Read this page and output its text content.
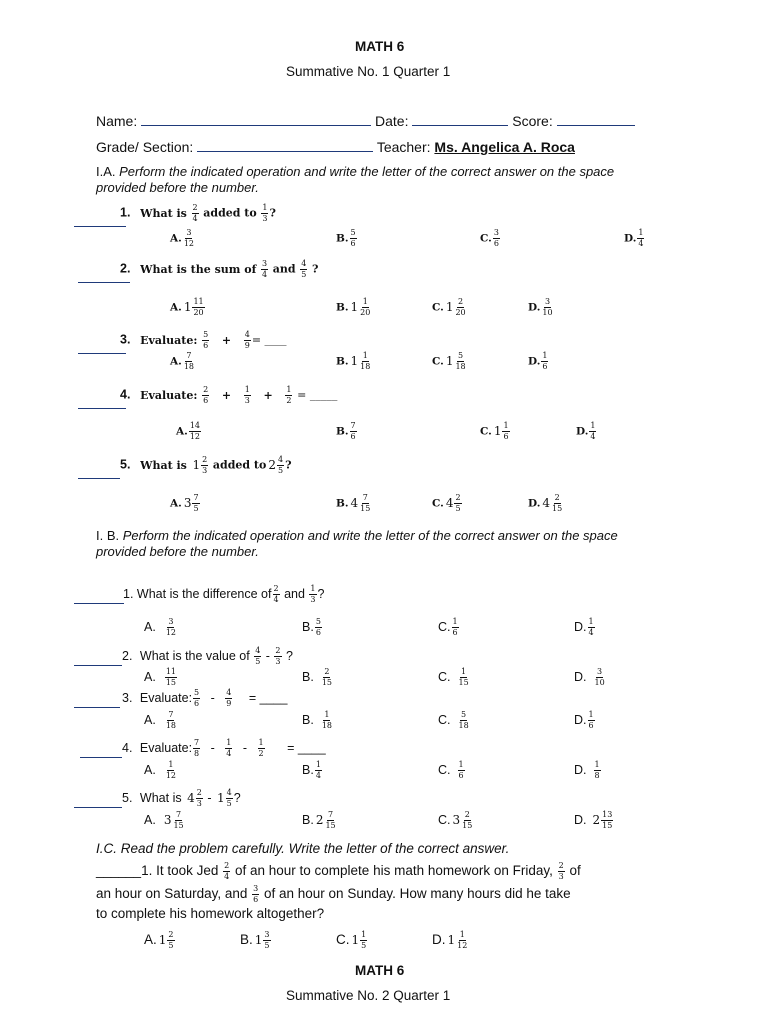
MATH 6
Summative No. 1 Quarter 1
Name:	Date:	Score:
Grade/ Section:	Teacher: Ms. Angelica A. Roca
I.A. Perform the indicated operation and write the letter of the correct answer on the space provided before the number.
1. What is $\frac{2}{4}$ added to $\frac{1}{3}$ ?
A. $\frac{3}{12}$	B. $\frac{5}{6}$	C. $\frac{3}{6}$	D. $\frac{1}{4}$
2. What is the sum of $\frac{3}{4}$ and $\frac{4}{5}$ ?
A. $1 \frac{11}{20}$	B. $1 \frac{1}{20}$	C. $1 \frac{2}{20}$	D. $\frac{3}{10}$
3. Evaluate: $\frac{5}{6} + \frac{4}{9}$ = ____
A. $\frac{7}{18}$	B. $1 \frac{1}{18}$	C. $1 \frac{5}{18}$	D. $\frac{1}{6}$
4. Evaluate: $\frac{2}{6} + \frac{1}{3} + \frac{1}{2}$ = _____
A. $\frac{14}{12}$	B. $\frac{7}{6}$	C. $1 \frac{1}{6}$	D. $\frac{1}{4}$
5. What is $1 \frac{2}{3}$ added to $2 \frac{4}{5}$ ?
A. $3 \frac{7}{5}$	B. $4 \frac{7}{15}$	C. $4 \frac{2}{5}$	D. $4 \frac{2}{15}$
I. B. Perform the indicated operation and write the letter of the correct answer on the space provided before the number.
1. What is the difference of $\frac{2}{4}$ and $\frac{1}{3}$ ?
A. $\frac{3}{12}$	B. $\frac{5}{6}$	C. $\frac{1}{6}$	D. $\frac{1}{4}$
2. What is the value of $\frac{4}{5} - \frac{2}{3}$ ?
A. $\frac{11}{15}$	B. $\frac{2}{15}$	C. $\frac{1}{15}$	D. $\frac{3}{10}$
3. Evaluate: $\frac{5}{6} - \frac{4}{9}$ = ____
A. $\frac{7}{18}$	B. $\frac{1}{18}$	C. $\frac{5}{18}$	D. $\frac{1}{6}$
4. Evaluate: $\frac{7}{8} - \frac{1}{4} - \frac{1}{2}$ = ____
A. $\frac{1}{12}$	B. $\frac{1}{4}$	C. $\frac{1}{6}$	D. $\frac{1}{8}$
5. What is $4 \frac{2}{3} - 1 \frac{4}{5}$ ?
A. $3 \frac{7}{15}$	B. $2 \frac{7}{15}$	C. $3 \frac{2}{15}$	D. $2 \frac{13}{15}$
I.C. Read the problem carefully. Write the letter of the correct answer.
______1. It took Jed $\frac{2}{4}$ of an hour to complete his math homework on Friday, $\frac{2}{3}$ of
an hour on Saturday, and $\frac{3}{6}$ of an hour on Sunday. How many hours did he take
to complete his homework altogether?
A. $1 \frac{2}{5}$	B. $1 \frac{3}{5}$	C. $1 \frac{1}{5}$	D. $1 \frac{1}{12}$
MATH 6
Summative No. 2 Quarter 1
